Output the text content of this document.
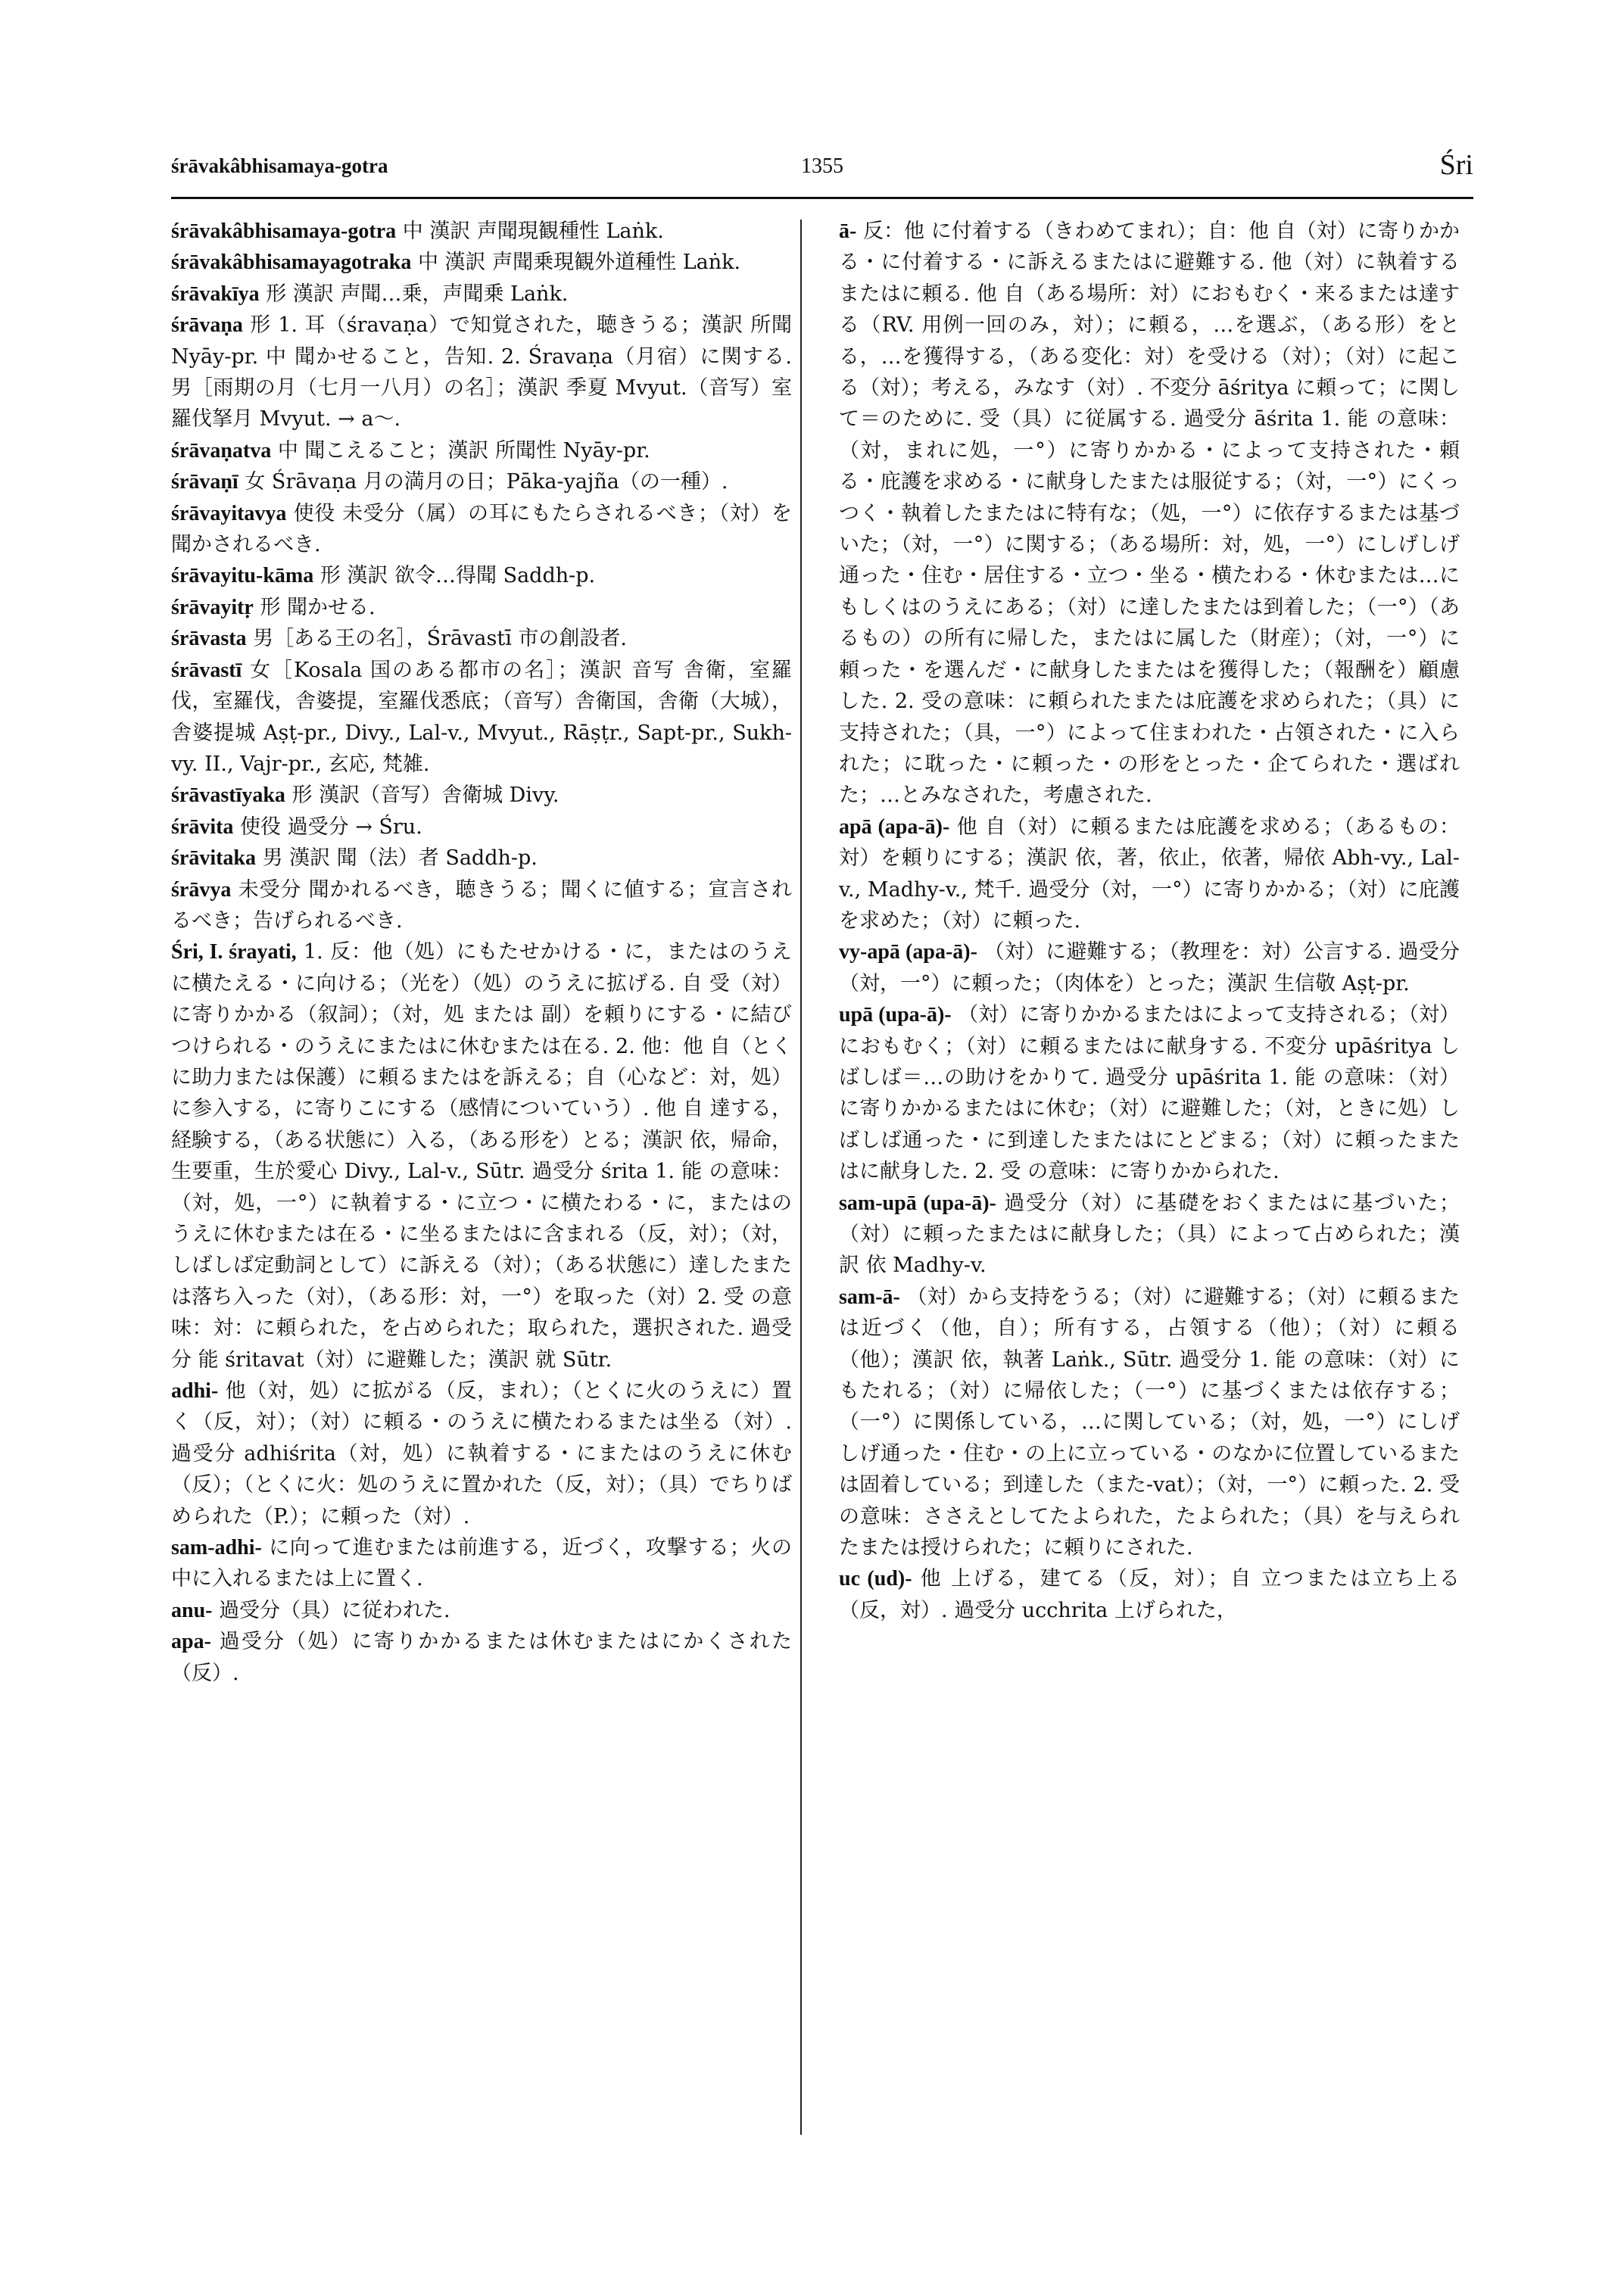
śrāvakâbhisamaya-gotra	1355	Śri
śrāvakâbhisamaya-gotra 中 漢訳 声聞現観種性 Laṅk.
śrāvakâbhisamayagotraka 中 漢訳 声聞乗現観外道種性 Laṅk.
śrāvakīya 形 漢訳 声聞…乗，声聞乗 Laṅk.
śrāvaṇa 形 1. 耳（śravaṇa）で知覚された，聴きうる；漢訳 所聞 Nyāy-pr. 中 聞かせること，告知. 2. Śravaṇa（月宿）に関する. 男［雨期の月（七月一八月）の名］；漢訳 季夏 Mvyut.（音写）室羅伐拏月 Mvyut. → a～.
śrāvaṇatva 中 聞こえること；漢訳 所聞性 Nyāy-pr.
śrāvaṇī 女 Śrāvaṇa 月の満月の日；Pāka-yajña（の一種）.
śrāvayitavya 使役 未受分（属）の耳にもたらされるべき；（対）を聞かされるべき.
śrāvayitu-kāma 形 漢訳 欲令…得聞 Saddh-p.
śrāvayitṛ 形 聞かせる.
śrāvasta 男［ある王の名］，Śrāvastī 市の創設者.
śrāvastī 女［Kosala 国のある都市の名］；漢訳 音写 舎衛，室羅伐，室羅伐，舎婆提，室羅伐悉底；（音写）舎衛国，舎衛（大城），舎婆提城 Aṣṭ-pr., Divy., Lal-v., Mvyut., Rāṣṭr., Sapt-pr., Sukh-vy. II., Vajr-pr., 玄応, 梵雑.
śrāvastīyaka 形 漢訳（音写）舎衛城 Divy.
śrāvita 使役 過受分 → Śru.
śrāvitaka 男 漢訳 聞（法）者 Saddh-p.
śrāvya 未受分 聞かれるべき，聴きうる；聞くに値する；宣言されるべき；告げられるべき.
Śri, I. śrayati, 1. 反：他（処）にもたせかける・に，またはのうえに横たえる・に向ける；（光を）（処）のうえに拡げる. 自 受（対）に寄りかかる（叙詞）；（対，処 または 副）を頼りにする・に結びつけられる・のうえにまたはに休むまたは在る. 2. 他：他 自（とくに助力または保護）に頼るまたはを訴える；自（心など：対，処）に参入する，に寄りこにする（感情についていう）. 他 自 達する，経験する，（ある状態に）入る，（ある形を）とる；漢訳 依，帰命，生要重，生於愛心 Divy., Lal-v., Sūtr. 過受分 śrita 1. 能 の意味：（対，処，一°）に執着する・に立つ・に横たわる・に，またはのうえに休むまたは在る・に坐るまたはに含まれる（反，対）；（対，しばしば定動詞として）に訴える（対）；（ある状態に）達したまたは落ち入った（対），（ある形：対，一°）を取った（対）2. 受 の意味：対：に頼られた，を占められた；取られた，選択された. 過受分 能 śritavat（対）に避難した；漢訳 就 Sūtr.
adhi- 他（対，処）に拡がる（反，まれ）；（とくに火のうえに）置く（反，対）；（対）に頼る・のうえに横たわるまたは坐る（対）. 過受分 adhiśrita（対，処）に執着する・にまたはのうえに休む（反）；（とくに火：処のうえに置かれた（反，対）；（具）でちりばめられた（P.）；に頼った（対）.
sam-adhi- に向って進むまたは前進する，近づく，攻撃する；火の中に入れるまたは上に置く.
anu- 過受分（具）に従われた.
apa- 過受分（処）に寄りかかるまたは休むまたはにかくされた（反）.
ā- 反：他 に付着する（きわめてまれ）；自：他 自（対）に寄りかかる・に付着する・に訴えるまたはに避難する. 他（対）に執着するまたはに頼る. 他 自（ある場所：対）におもむく・来るまたは達する（RV. 用例一回のみ，対）；に頼る，…を選ぶ，（ある形）をとる，…を獲得する，（ある変化：対）を受ける（対）；（対）に起こる（対）；考える，みなす（対）. 不変分 āśritya に頼って；に関して＝のために. 受（具）に従属する. 過受分 āśrita 1. 能 の意味：（対，まれに処，一°）に寄りかかる・によって支持された・頼る・庇護を求める・に献身したまたは服従する；（対，一°）にくっつく・執着したまたはに特有な；（処，一°）に依存するまたは基づいた；（対，一°）に関する；（ある場所：対，処，一°）にしげしげ通った・住む・居住する・立つ・坐る・横たわる・休むまたは…にもしくはのうえにある；（対）に達したまたは到着した；（一°）（あるもの）の所有に帰した，またはに属した（財産）；（対，一°）に頼った・を選んだ・に献身したまたはを獲得した；（報酬を）顧慮した. 2. 受の意味：に頼られたまたは庇護を求められた；（具）に支持された；（具，一°）によって住まわれた・占領された・に入られた；に耽った・に頼った・の形をとった・企てられた・選ばれた；…とみなされた，考慮された.
apā (apa-ā)- 他 自（対）に頼るまたは庇護を求める；（あるもの：対）を頼りにする；漢訳 依，著，依止，依著，帰依 Abh-vy., Lal-v., Madhy-v., 梵千. 過受分（対，一°）に寄りかかる；（対）に庇護を求めた；（対）に頼った.
vy-apā (apa-ā)- （対）に避難する；（教理を：対）公言する. 過受分（対，一°）に頼った；（肉体を）とった；漢訳 生信敬 Aṣṭ-pr.
upā (upa-ā)- （対）に寄りかかるまたはによって支持される；（対）におもむく；（対）に頼るまたはに献身する. 不変分 upāśritya しばしば＝…の助けをかりて. 過受分 upāśrita 1. 能 の意味：（対）に寄りかかるまたはに休む；（対）に避難した；（対，ときに処）しばしば通った・に到達したまたはにとどまる；（対）に頼ったまたはに献身した. 2. 受 の意味：に寄りかかられた.
sam-upā (upa-ā)- 過受分（対）に基礎をおくまたはに基づいた；（対）に頼ったまたはに献身した；（具）によって占められた；漢訳 依 Madhy-v.
sam-ā- （対）から支持をうる；（対）に避難する；（対）に頼るまたは近づく（他，自）；所有する，占領する（他）；（対）に頼る（他）；漢訳 依，執著 Laṅk., Sūtr. 過受分 1. 能 の意味：（対）にもたれる；（対）に帰依した；（一°）に基づくまたは依存する；（一°）に関係している，…に関している；（対，処，一°）にしげしげ通った・住む・の上に立っている・のなかに位置しているまたは固着している；到達した（また-vat）；（対，一°）に頼った. 2. 受 の意味：ささえとしてたよられた，たよられた；（具）を与えられたまたは授けられた；に頼りにされた.
uc (ud)- 他 上げる，建てる（反，対）；自 立つまたは立ち上る（反，対）. 過受分 ucchrita 上げられた，
